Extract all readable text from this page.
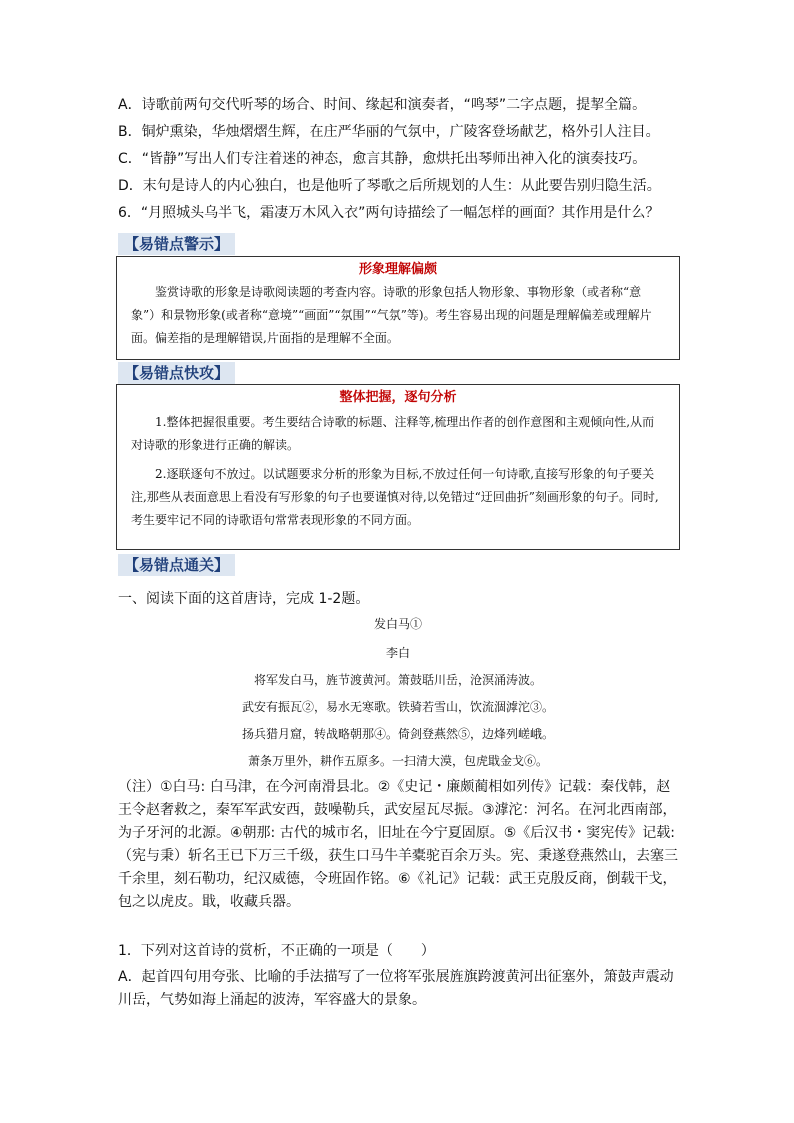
A．诗歌前两句交代听琴的场合、时间、缘起和演奏者，“鸣琴”二字点题，提挈全篇。
B．铜炉熏染，华烛熠熠生辉，在庄严华丽的气氛中，广陵客登场献艺，格外引人注目。
C．“皆静”写出人们专注着迷的神态，愈言其静，愈烘托出琴师出神入化的演奏技巧。
D．末句是诗人的内心独白，也是他听了琴歌之后所规划的人生：从此要告别归隐生活。
6．“月照城头乌半飞，霜凄万木风入衣”两句诗描绘了一幅怎样的画面？其作用是什么？
【易错点警示】
形象理解偏颇

鉴赏诗歌的形象是诗歌阅读题的考查内容。诗歌的形象包括人物形象、事物形象（或者称“意象”）和景物形象(或者称“意境”“画面”“氛围”“气氛”等)。考生容易出现的问题是理解偏差或理解片面。偏差指的是理解错误,片面指的是理解不全面。

【易错点快攻】
整体把握，逐句分析

1.整体把握很重要。考生要结合诗歌的标题、注释等,梳理出作者的创作意图和主观倾向性,从而对诗歌的形象进行正确的解读。

2.逐联逐句不放过。以试题要求分析的形象为目标,不放过任何一句诗歌,直接写形象的句子要关注,那些从表面意思上看没有写形象的句子也要谨慎对待,以免错过“迂回曲折”刻画形象的句子。同时,考生要牢记不同的诗歌语句常常表现形象的不同方面。

【易错点通关】
一、阅读下面的这首唐诗，完成 1-2题。
发白马①
李白
将军发白马，旌节渡黄河。箫鼓聒川岳，沧溟涌涛波。
武安有振瓦②，易水无寒歌。铁骑若雪山，饮流涸滹沱③。
扬兵猎月窟，转战略朝那④。倚剑登燕然⑤，边烽列嵯峨。
萧条万里外，耕作五原多。一扫清大漠，包虎戢金戈⑥。
（注）①白马: 白马津，在今河南滑县北。②《史记・廉颇蔺相如列传》记载：秦伐韩，赵
王令赵奢救之，秦军军武安西，鼓噪勒兵，武安屋瓦尽振。③滹沱：河名。在河北西南部，
为子牙河的北源。④朝那: 古代的城市名，旧址在今宁夏固原。⑤《后汉书・窦宪传》记载:
（宪与秉）斩名王已下万三千级，获生口马牛羊橐驼百余万头。宪、秉遂登燕然山，去塞三
千余里，刻石勒功，纪汉威德，令班固作铭。⑥《礼记》记载：武王克殷反商，倒载干戈，
包之以虎皮。戢，收藏兵器。
1．下列对这首诗的赏析，不正确的一项是（　　）
A．起首四句用夸张、比喻的手法描写了一位将军张展旌旗跨渡黄河出征塞外，箫鼓声震动
川岳，气势如海上涌起的波涛，军容盛大的景象。
